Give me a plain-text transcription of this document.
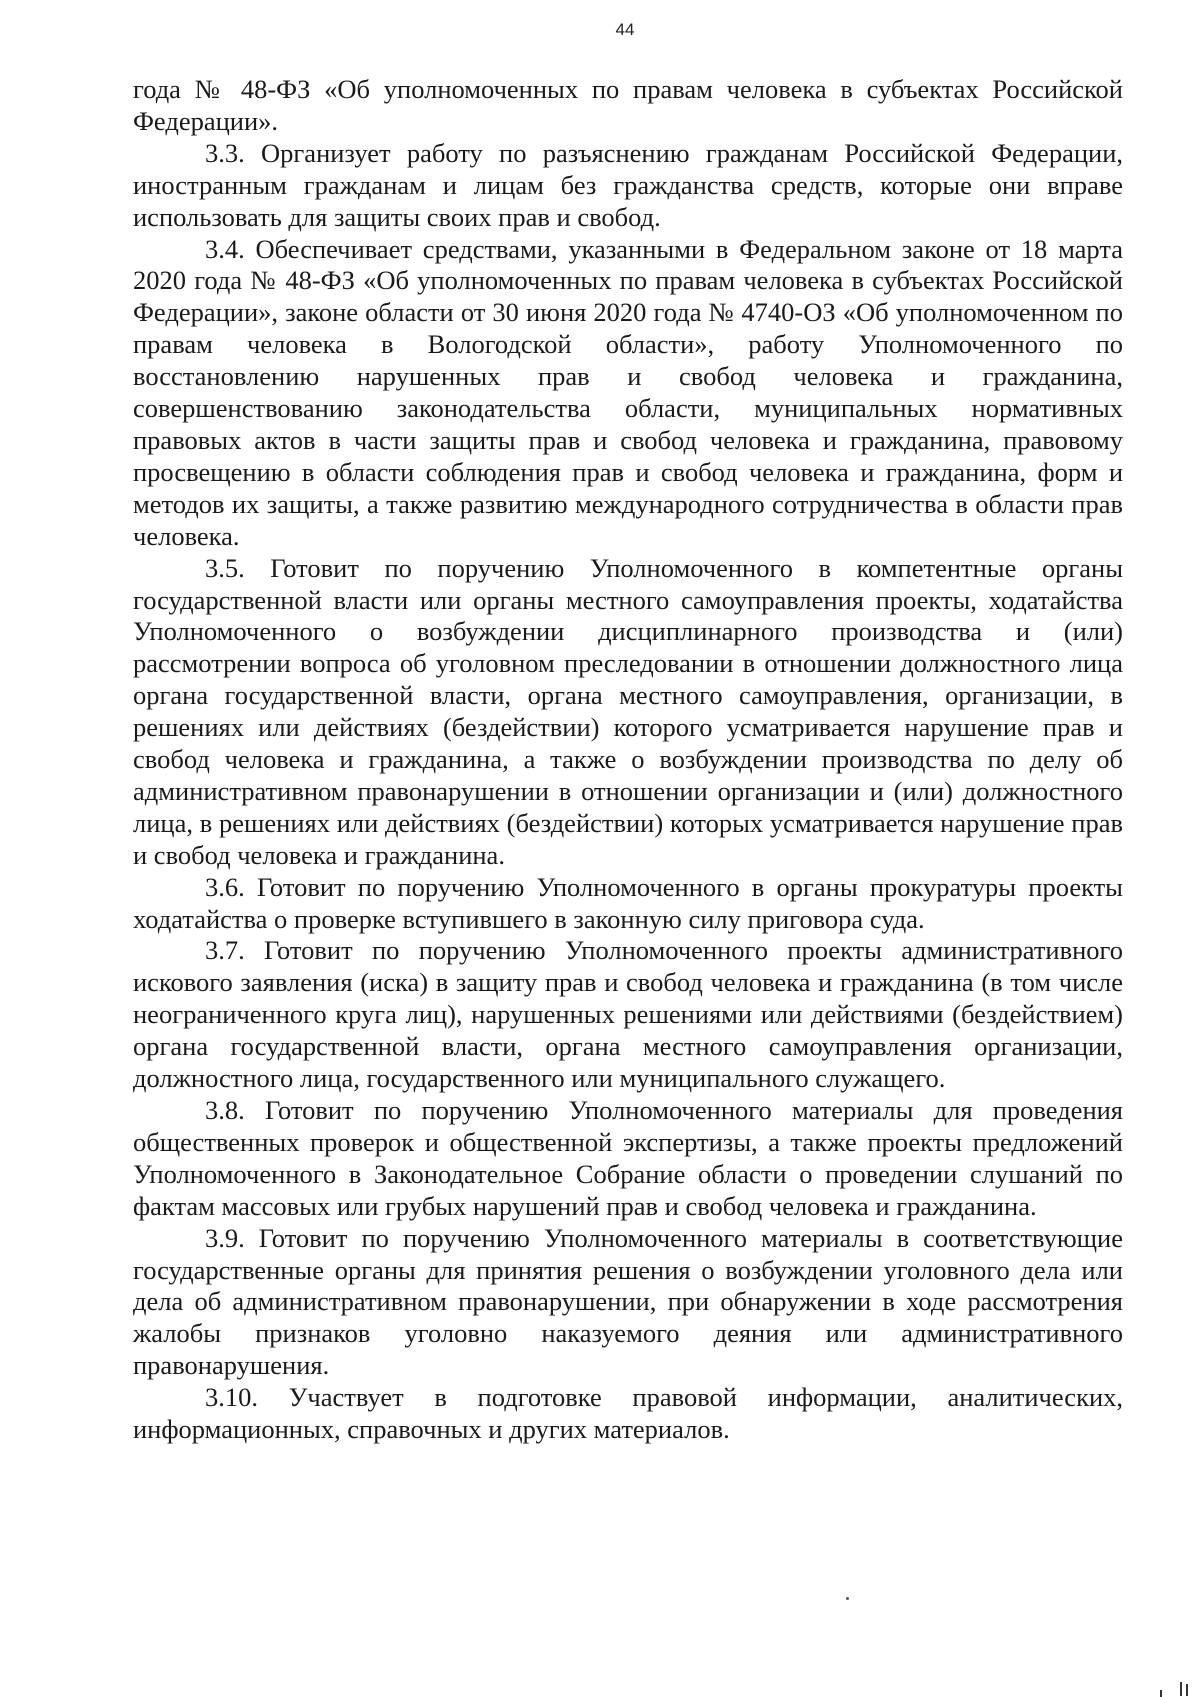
44

года № 48-ФЗ «Об уполномоченных по правам человека в субъектах Российской Федерации».

3.3. Организует работу по разъяснению гражданам Российской Федерации, иностранным гражданам и лицам без гражданства средств, которые они вправе использовать для защиты своих прав и свобод.

3.4. Обеспечивает средствами, указанными в Федеральном законе от 18 марта 2020 года № 48-ФЗ «Об уполномоченных по правам человека в субъектах Российской Федерации», законе области от 30 июня 2020 года № 4740-ОЗ «Об уполномоченном по правам человека в Вологодской области», работу Уполномоченного по восстановлению нарушенных прав и свобод человека и гражданина, совершенствованию законодательства области, муниципальных нормативных правовых актов в части защиты прав и свобод человека и гражданина, правовому просвещению в области соблюдения прав и свобод человека и гражданина, форм и методов их защиты, а также развитию международного сотрудничества в области прав человека.

3.5. Готовит по поручению Уполномоченного в компетентные органы государственной власти или органы местного самоуправления проекты, ходатайства Уполномоченного о возбуждении дисциплинарного производства и (или) рассмотрении вопроса об уголовном преследовании в отношении должностного лица органа государственной власти, органа местного самоуправления, организации, в решениях или действиях (бездействии) которого усматривается нарушение прав и свобод человека и гражданина, а также о возбуждении производства по делу об административном правонарушении в отношении организации и (или) должностного лица, в решениях или действиях (бездействии) которых усматривается нарушение прав и свобод человека и гражданина.

3.6. Готовит по поручению Уполномоченного в органы прокуратуры проекты ходатайства о проверке вступившего в законную силу приговора суда.

3.7. Готовит по поручению Уполномоченного проекты административного искового заявления (иска) в защиту прав и свобод человека и гражданина (в том числе неограниченного круга лиц), нарушенных решениями или действиями (бездействием) органа государственной власти, органа местного самоуправления организации, должностного лица, государственного или муниципального служащего.

3.8. Готовит по поручению Уполномоченного материалы для проведения общественных проверок и общественной экспертизы, а также проекты предложений Уполномоченного в Законодательное Собрание области о проведении слушаний по фактам массовых или грубых нарушений прав и свобод человека и гражданина.

3.9. Готовит по поручению Уполномоченного материалы в соответствующие государственные органы для принятия решения о возбуждении уголовного дела или дела об административном правонарушении, при обнаружении в ходе рассмотрения жалобы признаков уголовно наказуемого деяния или административного правонарушения.

3.10. Участвует в подготовке правовой информации, аналитических, информационных, справочных и других материалов.
